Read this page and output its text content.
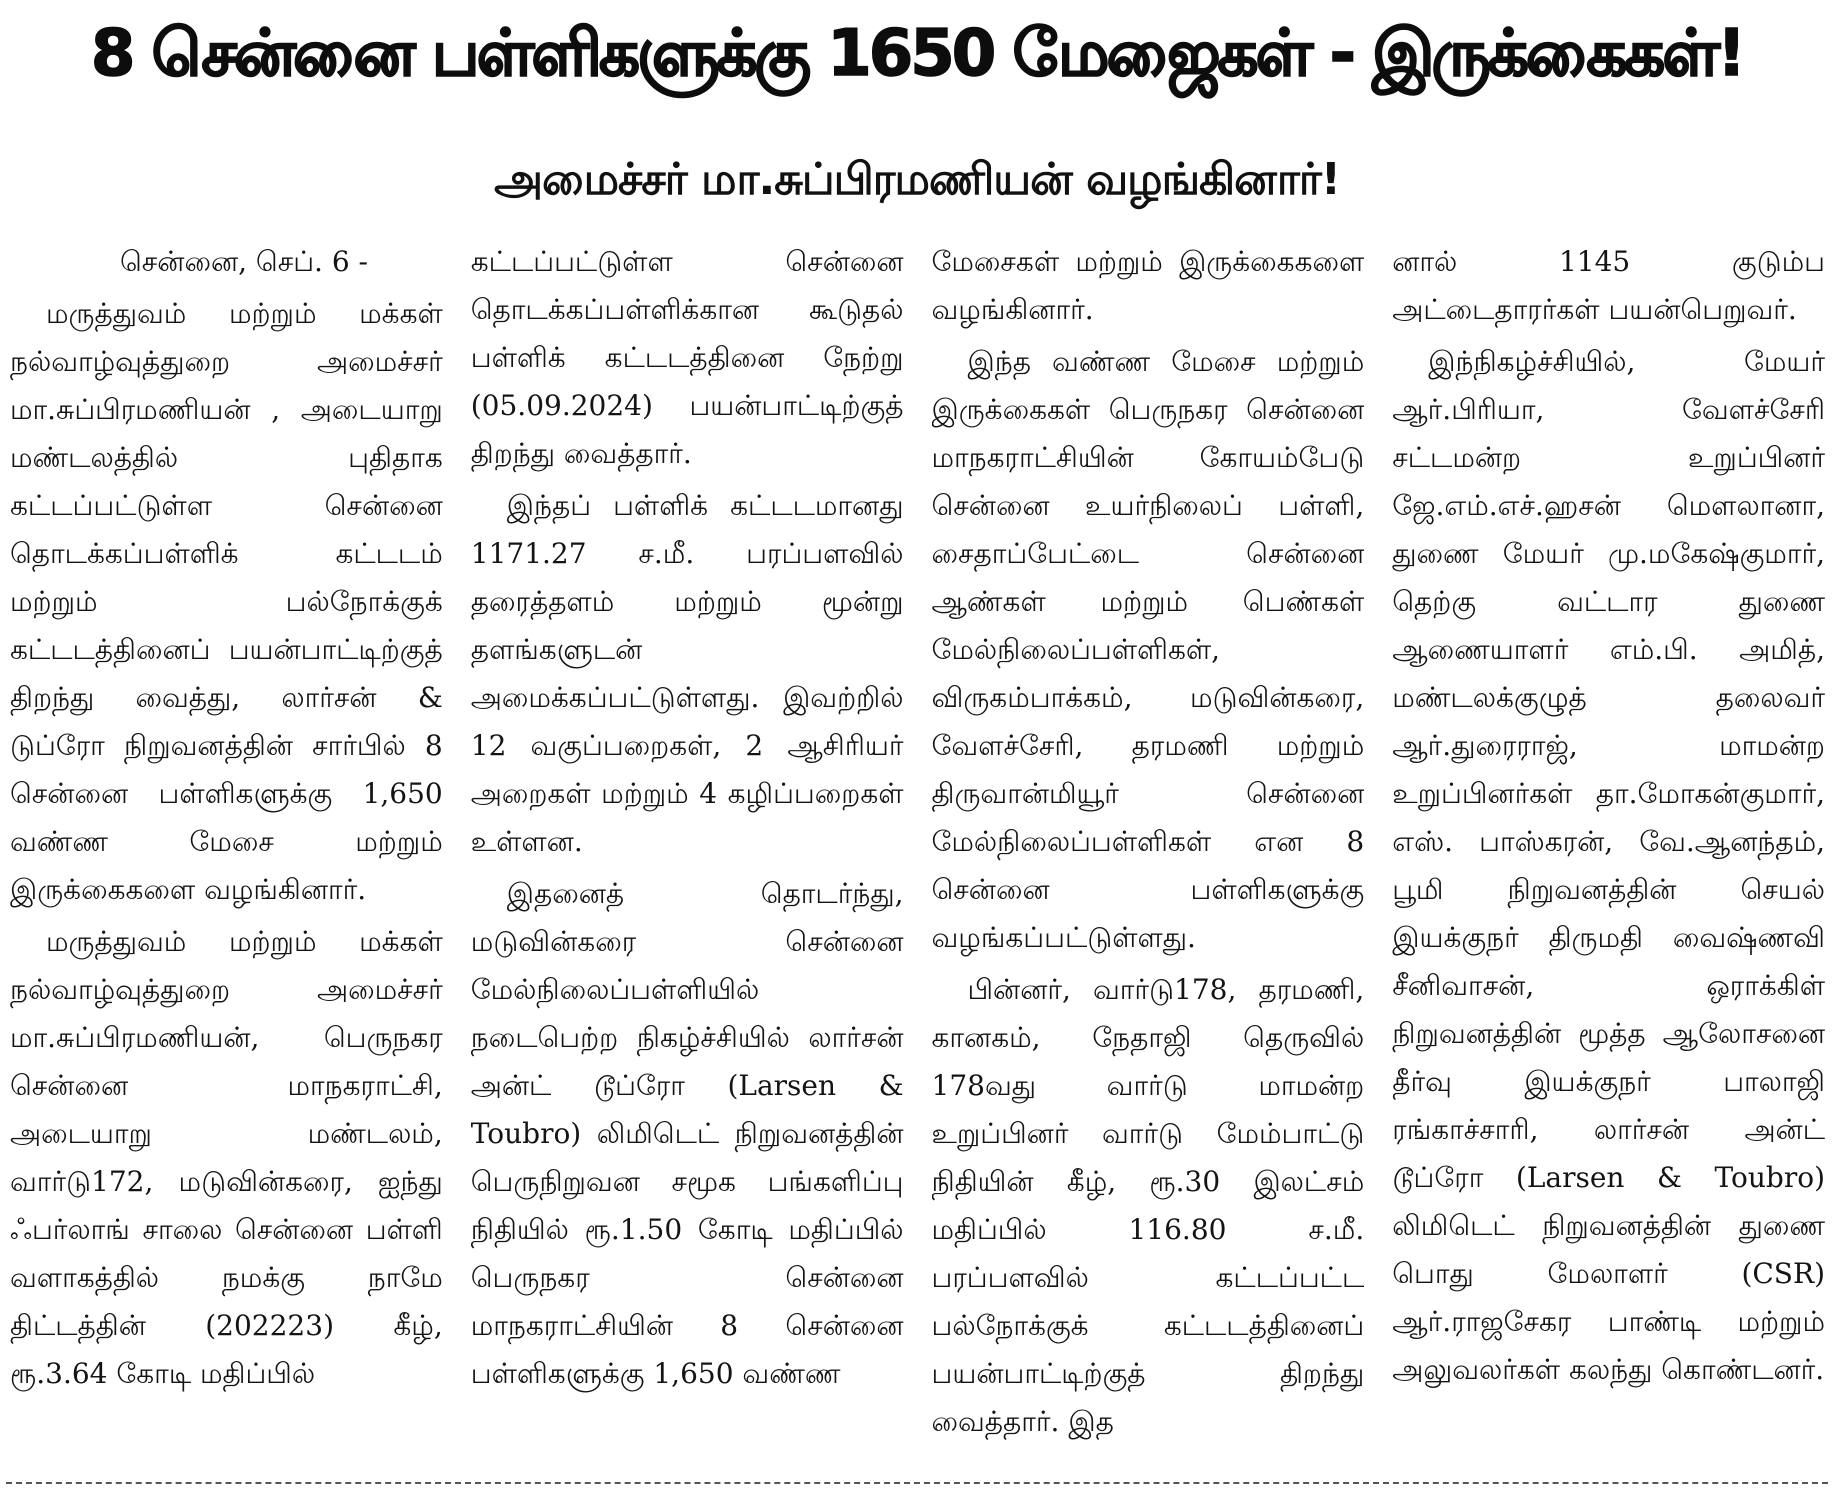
8 சென்னை பள்ளிகளுக்கு 1650 மேஜைகள் - இருக்கைகள்!
அமைச்சர் மா.சுப்பிரமணியன் வழங்கினார்!

சென்னை, செப். 6 -

மருத்துவம் மற்றும் மக்கள் நல்வாழ்வுத்துறை அமைச்சர் மா.சுப்பிரமணியன் , அடையாறு மண்டலத்தில் புதிதாக கட்டப்பட்டுள்ள சென்னை தொடக்கப்பள்ளிக் கட்டடம் மற்றும் பல்நோக்குக் கட்டடத்தினைப் பயன்பாட்டிற்குத் திறந்து வைத்து, லார்சன் & டுப்ரோ நிறுவனத்தின் சார்பில் 8 சென்னை பள்ளிகளுக்கு 1,650 வண்ண மேசை மற்றும் இருக்கைகளை வழங்கினார்.

மருத்துவம் மற்றும் மக்கள் நல்வாழ்வுத்துறை அமைச்சர் மா.சுப்பிரமணியன், பெருநகர சென்னை மாநகராட்சி, அடையாறு மண்டலம், வார்டு172, மடுவின்கரை, ஐந்து ஃபர்லாங் சாலை சென்னை பள்ளி வளாகத்தில் நமக்கு நாமே திட்டத்தின் (202223) கீழ், ரூ.3.64 கோடி மதிப்பில்

கட்டப்பட்டுள்ள சென்னை தொடக்கப்பள்ளிக்கான கூடுதல் பள்ளிக் கட்டடத்தினை நேற்று (05.09.2024) பயன்பாட்டிற்குத் திறந்து வைத்தார்.

இந்தப் பள்ளிக் கட்டடமானது 1171.27 ச.மீ. பரப்பளவில் தரைத்தளம் மற்றும் மூன்று தளங்களுடன் அமைக்கப்பட்டுள்ளது. இவற்றில் 12 வகுப்பறைகள், 2 ஆசிரியர் அறைகள் மற்றும் 4 கழிப்பறைகள் உள்ளன.

இதனைத் தொடர்ந்து, மடுவின்கரை சென்னை மேல்நிலைப்பள்ளியில் நடைபெற்ற நிகழ்ச்சியில் லார்சன் அன்ட் டூப்ரோ (Larsen & Toubro) லிமிடெட் நிறுவனத்தின் பெருநிறுவன சமூக பங்களிப்பு நிதியில் ரூ.1.50 கோடி மதிப்பில் பெருநகர சென்னை மாநகராட்சியின் 8 சென்னை பள்ளிகளுக்கு 1,650 வண்ண

மேசைகள் மற்றும் இருக்கைகளை வழங்கினார்.

இந்த வண்ண மேசை மற்றும் இருக்கைகள் பெருநகர சென்னை மாநகராட்சியின் கோயம்பேடு சென்னை உயர்நிலைப் பள்ளி, சைதாப்பேட்டை சென்னை ஆண்கள் மற்றும் பெண்கள் மேல்நிலைப்பள்ளிகள், விருகம்பாக்கம், மடுவின்கரை, வேளச்சேரி, தரமணி மற்றும் திருவான்மியூர் சென்னை மேல்நிலைப்பள்ளிகள் என 8 சென்னை பள்ளிகளுக்கு வழங்கப்பட்டுள்ளது.

பின்னர், வார்டு178, தரமணி, கானகம், நேதாஜி தெருவில் 178வது வார்டு மாமன்ற உறுப்பினர் வார்டு மேம்பாட்டு நிதியின் கீழ், ரூ.30 இலட்சம் மதிப்பில் 116.80 ச.மீ. பரப்பளவில் கட்டப்பட்ட பல்நோக்குக் கட்டடத்தினைப் பயன்பாட்டிற்குத் திறந்து வைத்தார். இத

னால் 1145 குடும்ப அட்டைதாரர்கள் பயன்பெறுவர்.

இந்நிகழ்ச்சியில், மேயர் ஆர்.பிரியா, வேளச்சேரி சட்டமன்ற உறுப்பினர் ஜே.எம்.எச்.ஹசன் மௌலானா, துணை மேயர் மு.மகேஷ்குமார், தெற்கு வட்டார துணை ஆணையாளர் எம்.பி. அமித், மண்டலக்குழுத் தலைவர் ஆர்.துரைராஜ், மாமன்ற உறுப்பினர்கள் தா.மோகன்குமார், எஸ். பாஸ்கரன், வே.ஆனந்தம், பூமி நிறுவனத்தின் செயல் இயக்குநர் திருமதி வைஷ்ணவி சீனிவாசன், ஒராக்கிள் நிறுவனத்தின் மூத்த ஆலோசனை தீர்வு இயக்குநர் பாலாஜி ரங்காச்சாரி, லார்சன் அன்ட் டூப்ரோ (Larsen & Toubro) லிமிடெட் நிறுவனத்தின் துணை பொது மேலாளர் (CSR) ஆர்.ராஜசேகர பாண்டி மற்றும் அலுவலர்கள் கலந்து கொண்டனர்.
